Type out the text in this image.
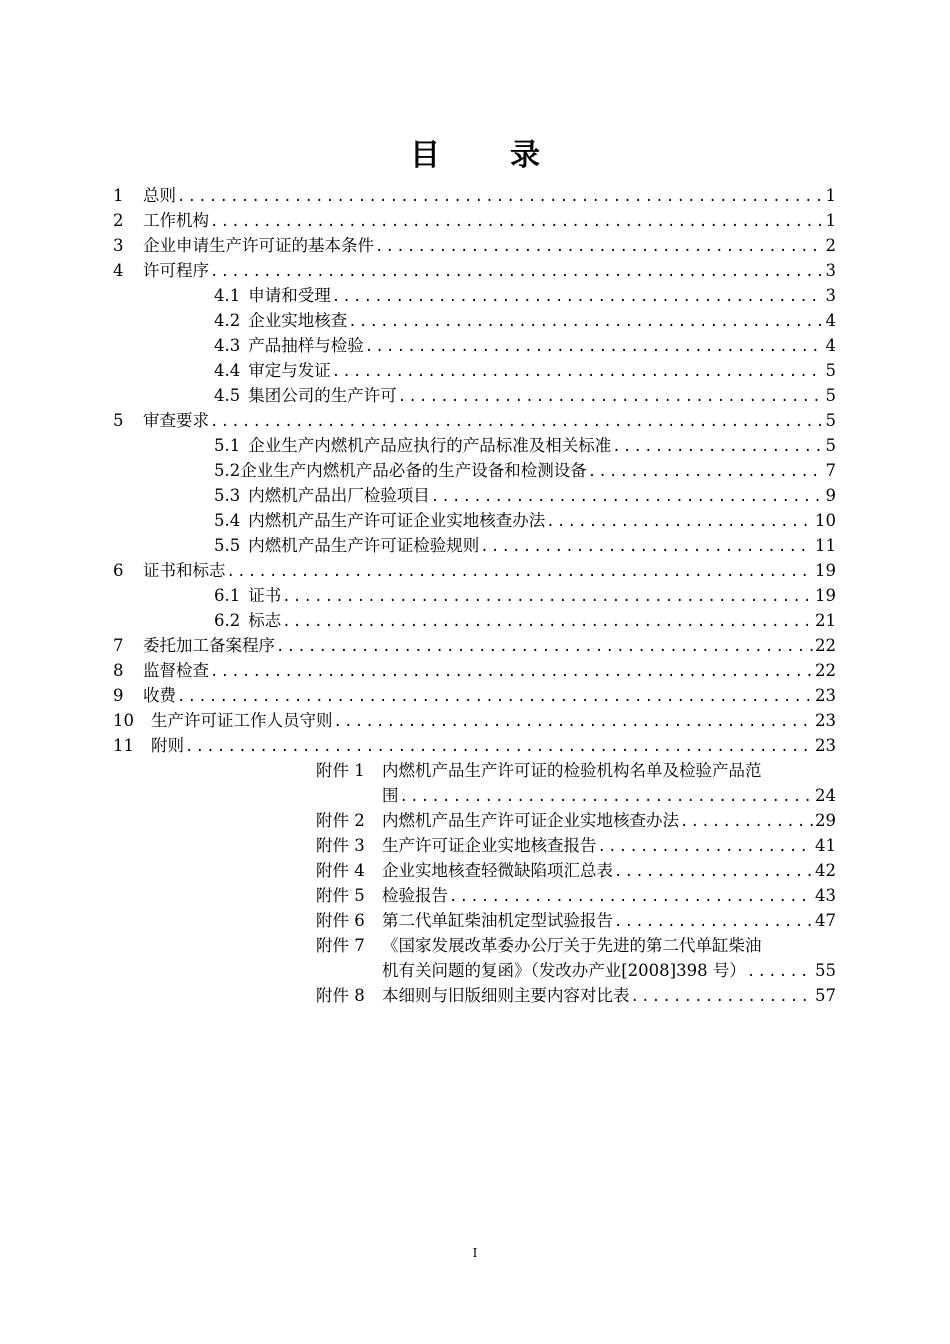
目 录
1	总则 .....	1
2	工作机构 .....	1
3	企业申请生产许可证的基本条件 .....	2
4	许可程序 .....	3
4.1 申请和受理 .....	3
4.2 企业实地核查 .....	4
4.3 产品抽样与检验 .....	4
4.4 审定与发证 .....	5
4.5 集团公司的生产许可 .....	5
5	审查要求 .....	5
5.1 企业生产内燃机产品应执行的产品标准及相关标准 .....	5
5.2 企业生产内燃机产品必备的生产设备和检测设备 .....	7
5.3 内燃机产品出厂检验项目 .....	9
5.4 内燃机产品生产许可证企业实地核查办法 .....	10
5.5 内燃机产品生产许可证检验规则 .....	11
6	证书和标志 .....	19
6.1 证书 .....	19
6.2 标志 .....	21
7	委托加工备案程序 .....	22
8	监督检查 .....	22
9	收费 .....	23
10	生产许可证工作人员守则 .....	23
11	附则 .....	23
附件 1 内燃机产品生产许可证的检验机构名单及检验产品范
围 .....	24
附件 2	内燃机产品生产许可证企业实地核查办法 .....	29
附件 3	生产许可证企业实地核查报告 .....	41
附件 4	企业实地核查轻微缺陷项汇总表 .....	42
附件 5	检验报告 .....	43
附件 6	第二代单缸柴油机定型试验报告 .....	47
附件 7 《国家发展改革委办公厅关于先进的第二代单缸柴油
机有关问题的复函》（发改办产业[2008]398 号） .....	55
附件 8	本细则与旧版细则主要内容对比表 .....	57
I
